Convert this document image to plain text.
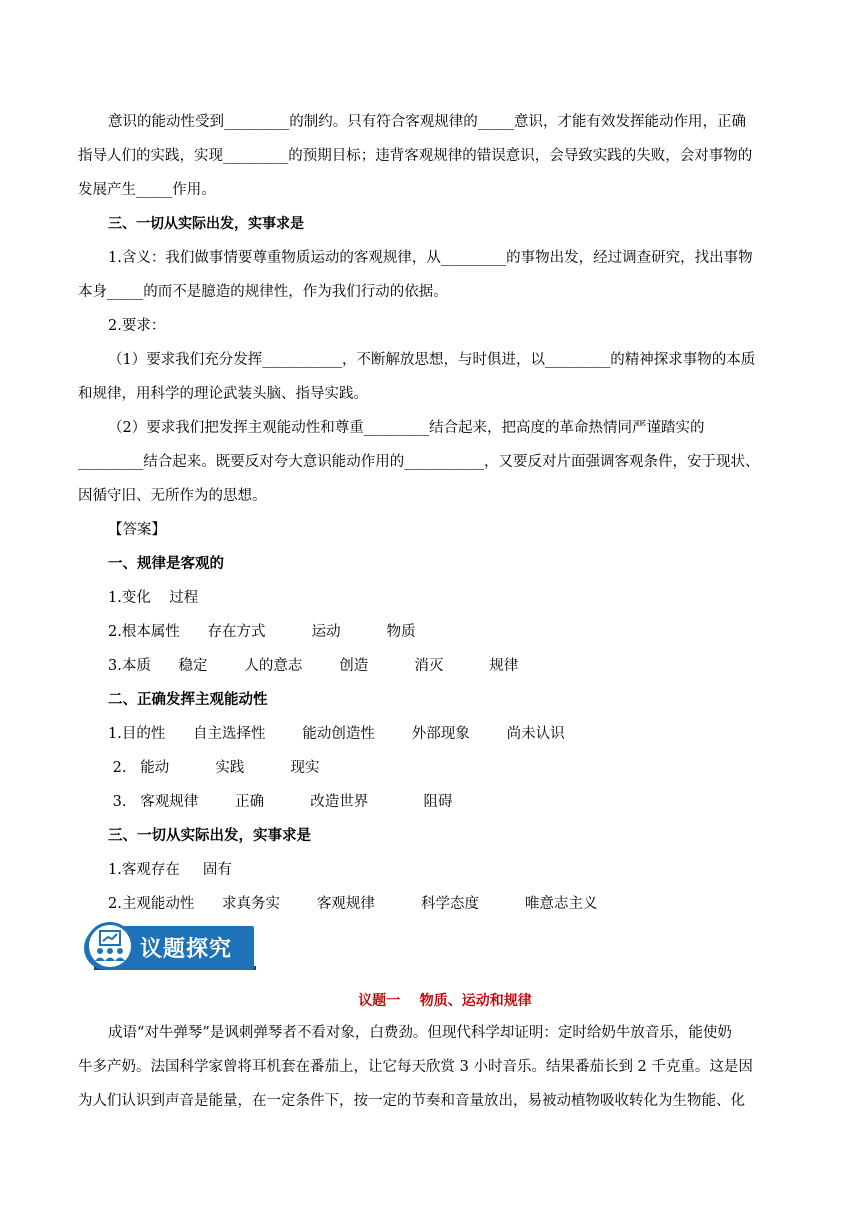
意识的能动性受到_________的制约。只有符合客观规律的_____意识，才能有效发挥能动作用，正确
指导人们的实践，实现_________的预期目标；违背客观规律的错误意识，会导致实践的失败，会对事物的
发展产生_____作用。
三、一切从实际出发，实事求是
1.含义：我们做事情要尊重物质运动的客观规律，从_________的事物出发，经过调查研究，找出事物
本身_____的而不是臆造的规律性，作为我们行动的依据。
2.要求：
（1）要求我们充分发挥___________，不断解放思想，与时俱进，以_________的精神探求事物的本质
和规律，用科学的理论武装头脑、指导实践。
（2）要求我们把发挥主观能动性和尊重_________结合起来，把高度的革命热情同严谨踏实的
_________结合起来。既要反对夸大意识能动作用的___________，又要反对片面强调客观条件，安于现状、
因循守旧、无所作为的思想。
【答案】
一、规律是客观的
1.变化    过程
2.根本属性      存在方式          运动          物质
3.本质      稳定        人的意志        创造          消灭          规律
二、正确发挥主观能动性
1.目的性      自主选择性        能动创造性        外部现象        尚未认识
2.   能动          实践          现实
3.   客观规律        正确          改造世界            阻碍
三、一切从实际出发，实事求是
1.客观存在     固有
2.主观能动性      求真务实        客观规律          科学态度          唯意志主义
议题探究
议题一    物质、运动和规律
成语“对牛弹琴”是讽刺弹琴者不看对象，白费劲。但现代科学却证明：定时给奶牛放音乐，能使奶
牛多产奶。法国科学家曾将耳机套在番茄上，让它每天欣赏 3 小时音乐。结果番茄长到 2 千克重。这是因
为人们认识到声音是能量，在一定条件下，按一定的节奏和音量放出，易被动植物吸收转化为生物能、化
